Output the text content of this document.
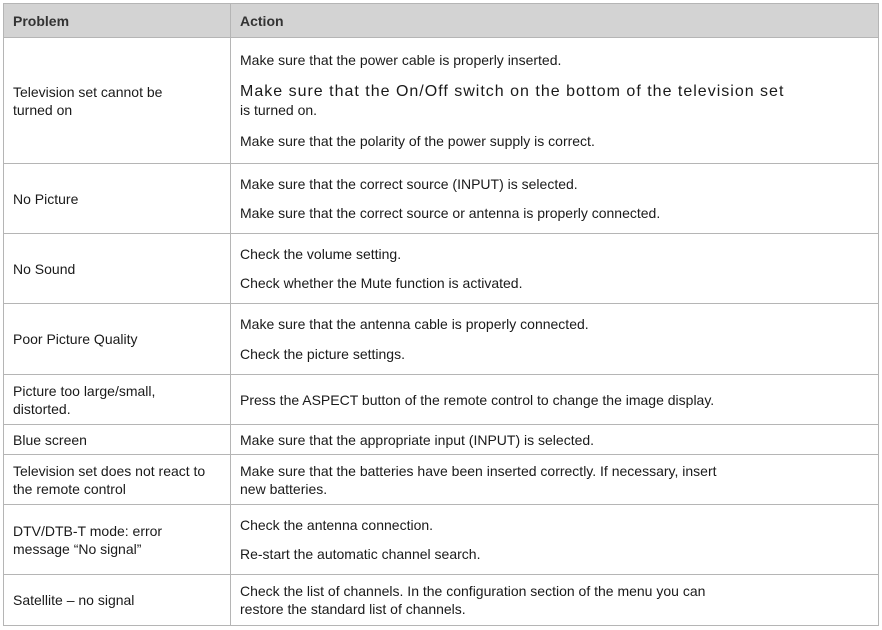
Problem	Action
Television set cannot be turned on
Make sure that the power cable is properly inserted.
Make sure that the On/Off switch on the bottom of the television set
is turned on.
Make sure that the polarity of the power supply is correct.
No Picture
Make sure that the correct source (INPUT) is selected.
Make sure that the correct source or antenna is properly connected.
No Sound
Check the volume setting.
Check whether the Mute function is activated.
Poor Picture Quality
Make sure that the antenna cable is properly connected.
Check the picture settings.
Picture too large/small, distorted.
Press the ASPECT button of the remote control to change the image display.
Blue screen	Make sure that the appropriate input (INPUT) is selected.
Television set does not react to the remote control
Make sure that the batteries have been inserted correctly. If necessary, insert new batteries.
DTV/DTB-T mode: error message “No signal”
Check the antenna connection.
Re-start the automatic channel search.
Satellite – no signal
Check the list of channels. In the configuration section of the menu you can restore the standard list of channels.
